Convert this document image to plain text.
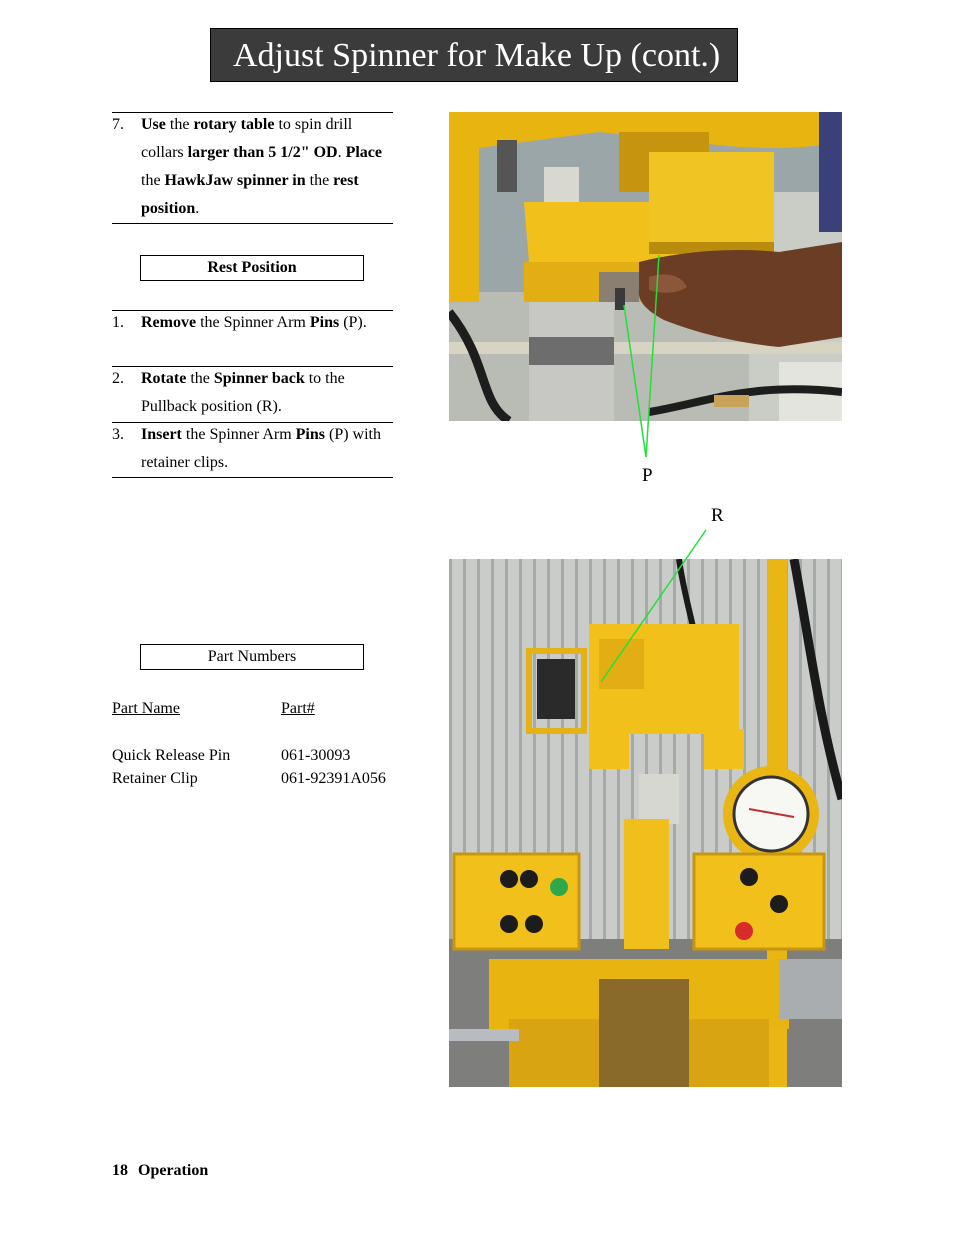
Adjust Spinner for Make Up (cont.)
7. Use the rotary table to spin drill collars larger than 5 1/2" OD. Place the HawkJaw spinner in the rest position.
Rest Position
1. Remove the Spinner Arm Pins (P).
2. Rotate the Spinner back to the Pullback position (R).
3. Insert the Spinner Arm Pins (P) with retainer clips.
Part Numbers
Part Name	Part#
Quick Release Pin	061-30093
Retainer Clip	061-92391A056
P
R
18 Operation
